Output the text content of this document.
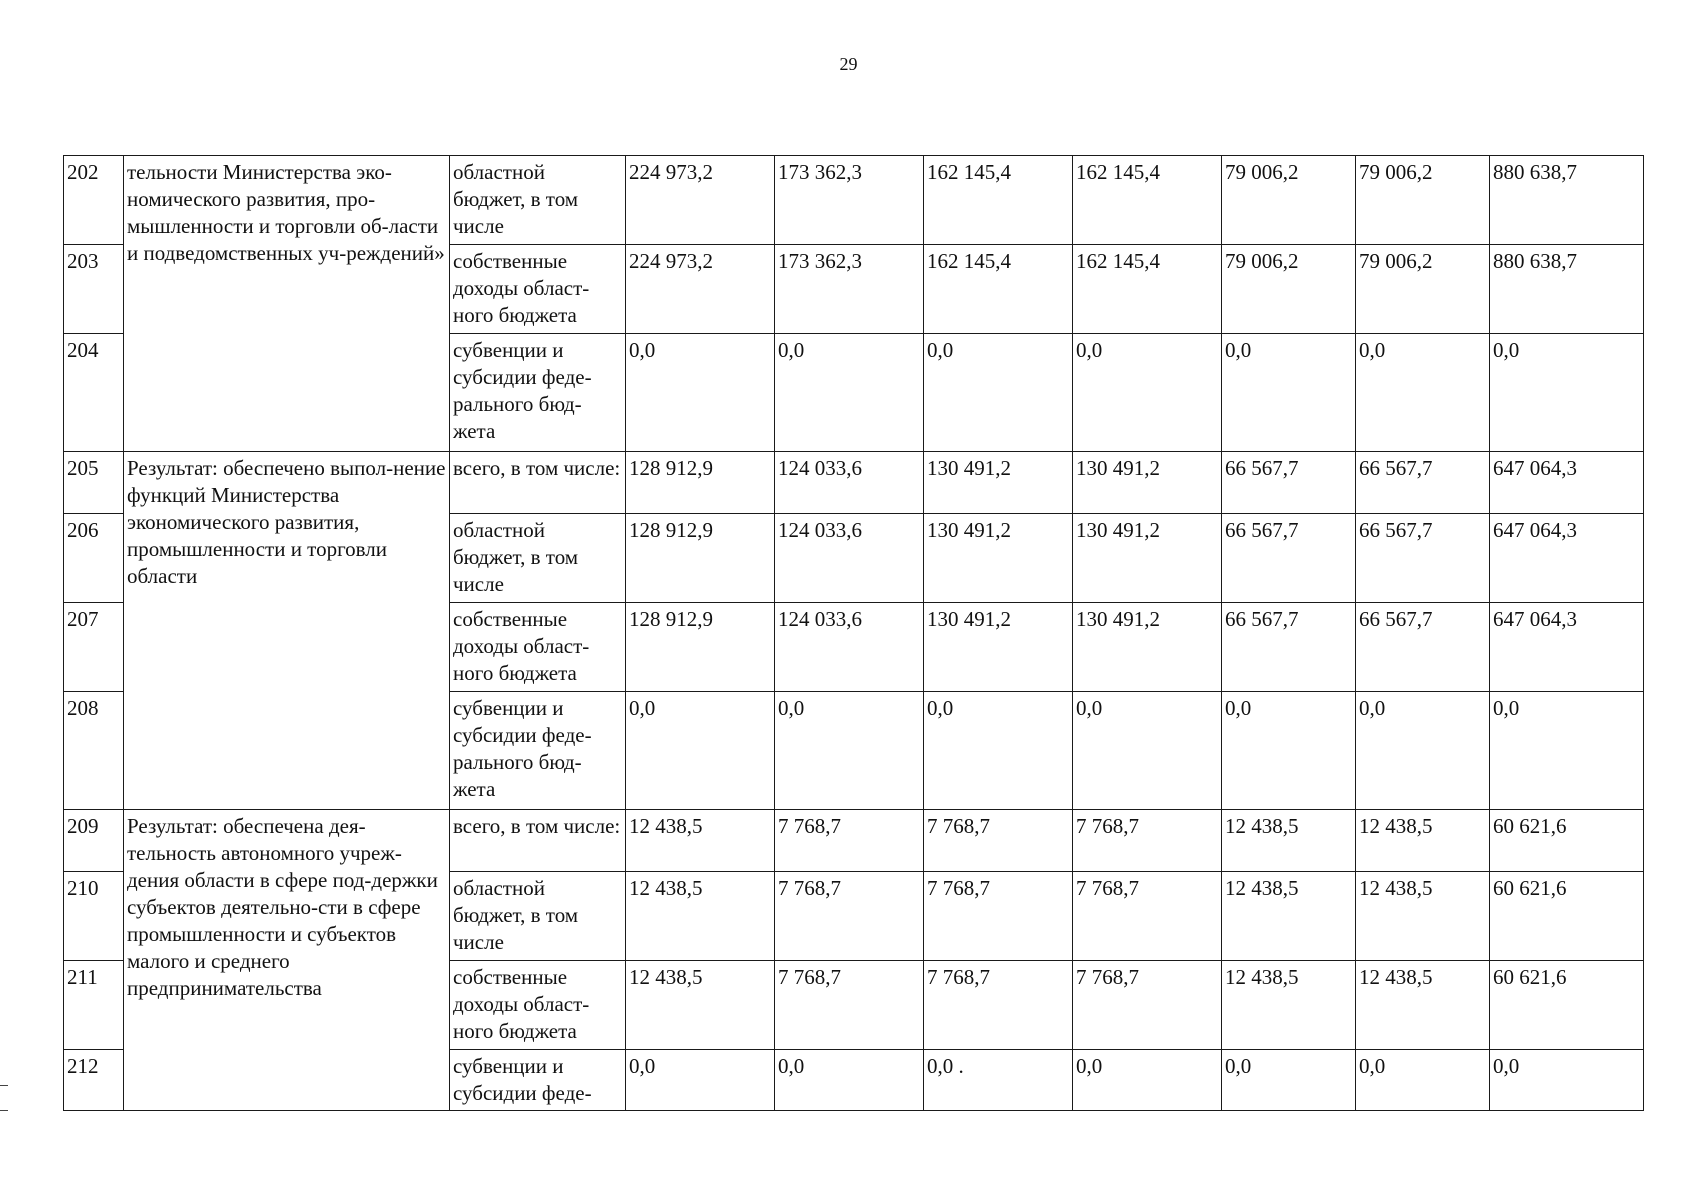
29
202	тельности Министерства эко-номического развития, про-мышленности и торговли об-ласти и подведомственных уч-реждений»	областной бюджет, в том числе	224 973,2	173 362,3	162 145,4	162 145,4	79 006,2	79 006,2	880 638,7
203		собственные доходы област-ного бюджета	224 973,2	173 362,3	162 145,4	162 145,4	79 006,2	79 006,2	880 638,7
204		субвенции и субсидии феде-рального бюд-жета	0,0	0,0	0,0	0,0	0,0	0,0	0,0
205	Результат: обеспечено выпол-нение функций Министерства экономического развития, промышленности и торговли области	всего, в том числе:	128 912,9	124 033,6	130 491,2	130 491,2	66 567,7	66 567,7	647 064,3
206		областной бюджет, в том числе	128 912,9	124 033,6	130 491,2	130 491,2	66 567,7	66 567,7	647 064,3
207		собственные доходы област-ного бюджета	128 912,9	124 033,6	130 491,2	130 491,2	66 567,7	66 567,7	647 064,3
208		субвенции и субсидии феде-рального бюд-жета	0,0	0,0	0,0	0,0	0,0	0,0	0,0
209	Результат: обеспечена дея-тельность автономного учреж-дения области в сфере под-держки субъектов деятельно-сти в сфере промышленности и субъектов малого и среднего предпринимательства	всего, в том числе:	12 438,5	7 768,7	7 768,7	7 768,7	12 438,5	12 438,5	60 621,6
210		областной бюджет, в том числе	12 438,5	7 768,7	7 768,7	7 768,7	12 438,5	12 438,5	60 621,6
211		собственные доходы област-ного бюджета	12 438,5	7 768,7	7 768,7	7 768,7	12 438,5	12 438,5	60 621,6
212		субвенции и субсидии феде-	0,0	0,0	0,0 .	0,0	0,0	0,0	0,0
